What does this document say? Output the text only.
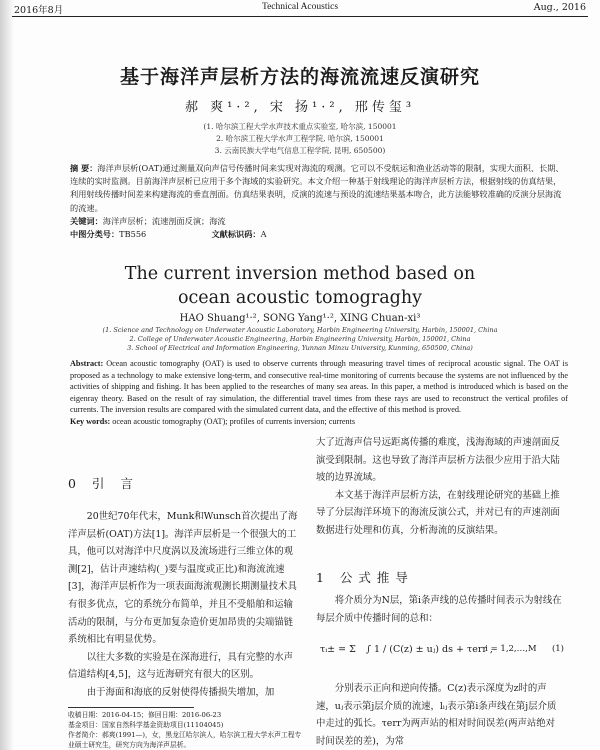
2016年8月	Technical Acoustics	Aug., 2016
基于海洋声层析方法的海流流速反演研究
郝 爽¹·², 宋 扬¹·², 邢传玺³
(1. 哈尔滨工程大学水声技术重点实验室, 哈尔滨, 150001
2. 哈尔滨工程大学水声工程学院, 哈尔滨, 150001
3. 云南民族大学电气信息工程学院, 昆明, 650500)
摘 要：海洋声层析(OAT)通过测量双向声信号传播时间来实现对海流的观测。它可以不受航运和渔业活动等的限制，实现大面积、长期、连续的实时监测。目前海洋声层析已应用于多个海域的实验研究。本文介绍一种基于射线理论的海洋声层析方法，根据射线的仿真结果，利用射线传播时间差来构建海流的垂直剖面。仿真结果表明，反演的流速与预设的流速结果基本吻合，此方法能够较准确的反演分层海流的流速。
关键词：海洋声层析；流速剖面反演；海流
中图分类号：TB556	文献标识码：A
The current inversion method based on ocean acoustic tomograghy
HAO Shuang¹·², SONG Yang¹·², XING Chuan-xi³
(1. Science and Technology on Underwater Acoustic Laboratory, Harbin Engineering University, Harbin, 150001, China
2. College of Underwater Acoustic Engineering, Harbin Engineering University, Harbin, 150001, China
3. School of Electrical and Information Engineering, Yunnan Minzu University, Kunming, 650500, China)
Abstract: Ocean acoustic tomography (OAT) is used to observe currents through measuring travel times of reciprocal acoustic signal. The OAT is proposed as a technology to make extensive long-term, and consecutive real-time monitoring of currents because the systems are not influenced by the activities of shipping and fishing. It has been applied to the researches of many sea areas. In this paper, a method is introduced which is based on the eigenray theory. Based on the result of ray simulation, the differential travel times from these rays are used to reconstruct the vertical profiles of currents. The inversion results are compared with the simulated current data, and the effective of this method is proved.
Key words: ocean acoustic tomography (OAT); profiles of currents inversion; currents
0 引 言

20世纪70年代末，Munk和Wunsch首次提出了海洋声层析(OAT)方法[1]。海洋声层析是一个很强大的工具，他可以对海洋中尺度涡以及流场进行三维立体的观测[2]，估计声速结构(_)要与温度或正比)和海流流速[3]，海洋声层析作为一项表面海流观测长期测量技术具有很多优点，它的系统分布简单，并且不受船舶和运输活动的限制，与分布更加复杂造价更加昂贵的尖端锚链系统相比有明显优势。

以往大多数的实验是在深海进行，具有完整的水声信道结构[4,5]，这与近海研究有很大的区别。

由于海面和海底的反射使得传播损失增加，加

大了近海声信号远距离传播的难度，浅海海域的声速剖面反演受到限制。这也导致了海洋声层析方法很少应用于沿大陆坡的边界流域。

本文基于海洋声层析方法，在射线理论研究的基础上推导了分层海洋环境下的海流反演公式，并对已有的声速剖面数据进行处理和仿真，分析海流的反演结果。

1 公式推导

将介质分为N层，第i条声线的总传播时间表示为射线在每层介质中传播时间的总和：

τᵢ± = Σ ∫ 1 / (C(z) ± uⱼ) ds + τerr ,
i = 1,2,…,M (1)

分别表示正向和逆向传播。C(z)表示深度为z时的声速，uⱼ表示第j层介质的流速，lᵢⱼ表示第i条声线在第j层介质中走过的弧长。τerr为两声站的相对时间误差(两声站绝对时间误差的差)，为常

收稿日期：2016-04-15；修回日期：2016-06-23
基金项目：国家自然科学基金资助项目(11104045)
作者简介：郝爽(1991—)，女，黑龙江哈尔滨人，哈尔滨工程大学水声工程专业硕士研究生，研究方向为海洋声层析。
